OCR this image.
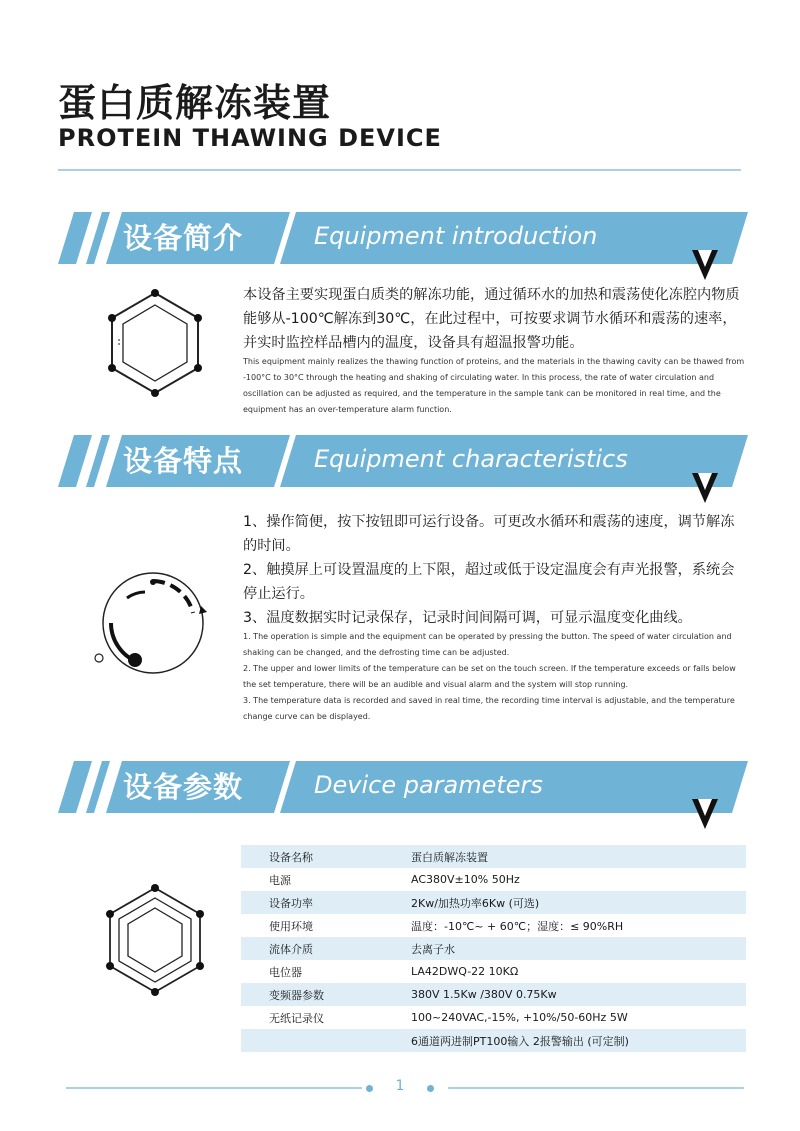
蛋白质解冻装置
PROTEIN THAWING DEVICE
设备简介	Equipment introduction

本设备主要实现蛋白质类的解冻功能，通过循环水的加热和震荡使化冻腔内物质能够从-100℃解冻到30℃，在此过程中，可按要求调节水循环和震荡的速率，并实时监控样品槽内的温度，设备具有超温报警功能。

This equipment mainly realizes the thawing function of proteins, and the materials in the thawing cavity can be thawed from -100°C to 30°C through the heating and shaking of circulating water. In this process, the rate of water circulation and oscillation can be adjusted as required, and the temperature in the sample tank can be monitored in real time, and the equipment has an over-temperature alarm function.

设备特点	Equipment characteristics
1、操作简便，按下按钮即可运行设备。可更改水循环和震荡的速度，调节解冻的时间。
2、触摸屏上可设置温度的上下限，超过或低于设定温度会有声光报警，系统会停止运行。
3、温度数据实时记录保存，记录时间间隔可调，可显示温度变化曲线。
1. The operation is simple and the equipment can be operated by pressing the button. The speed of water circulation and shaking can be changed, and the defrosting time can be adjusted.
2. The upper and lower limits of the temperature can be set on the touch screen. If the temperature exceeds or falls below the set temperature, there will be an audible and visual alarm and the system will stop running.
3. The temperature data is recorded and saved in real time, the recording time interval is adjustable, and the temperature change curve can be displayed.
设备参数	Device parameters
设备名称	蛋白质解冻装置
电源	AC380V±10% 50Hz
设备功率	2Kw/加热功率6Kw (可选)
使用环境	温度：-10℃~ + 60℃；湿度：≤ 90%RH
流体介质	去离子水
电位器	LA42DWQ-22 10KΩ
变频器参数	380V 1.5Kw /380V 0.75Kw
无纸记录仪	100~240VAC,-15%, +10%/50-60Hz 5W
	6通道两进制PT100输入 2报警输出 (可定制)
1
